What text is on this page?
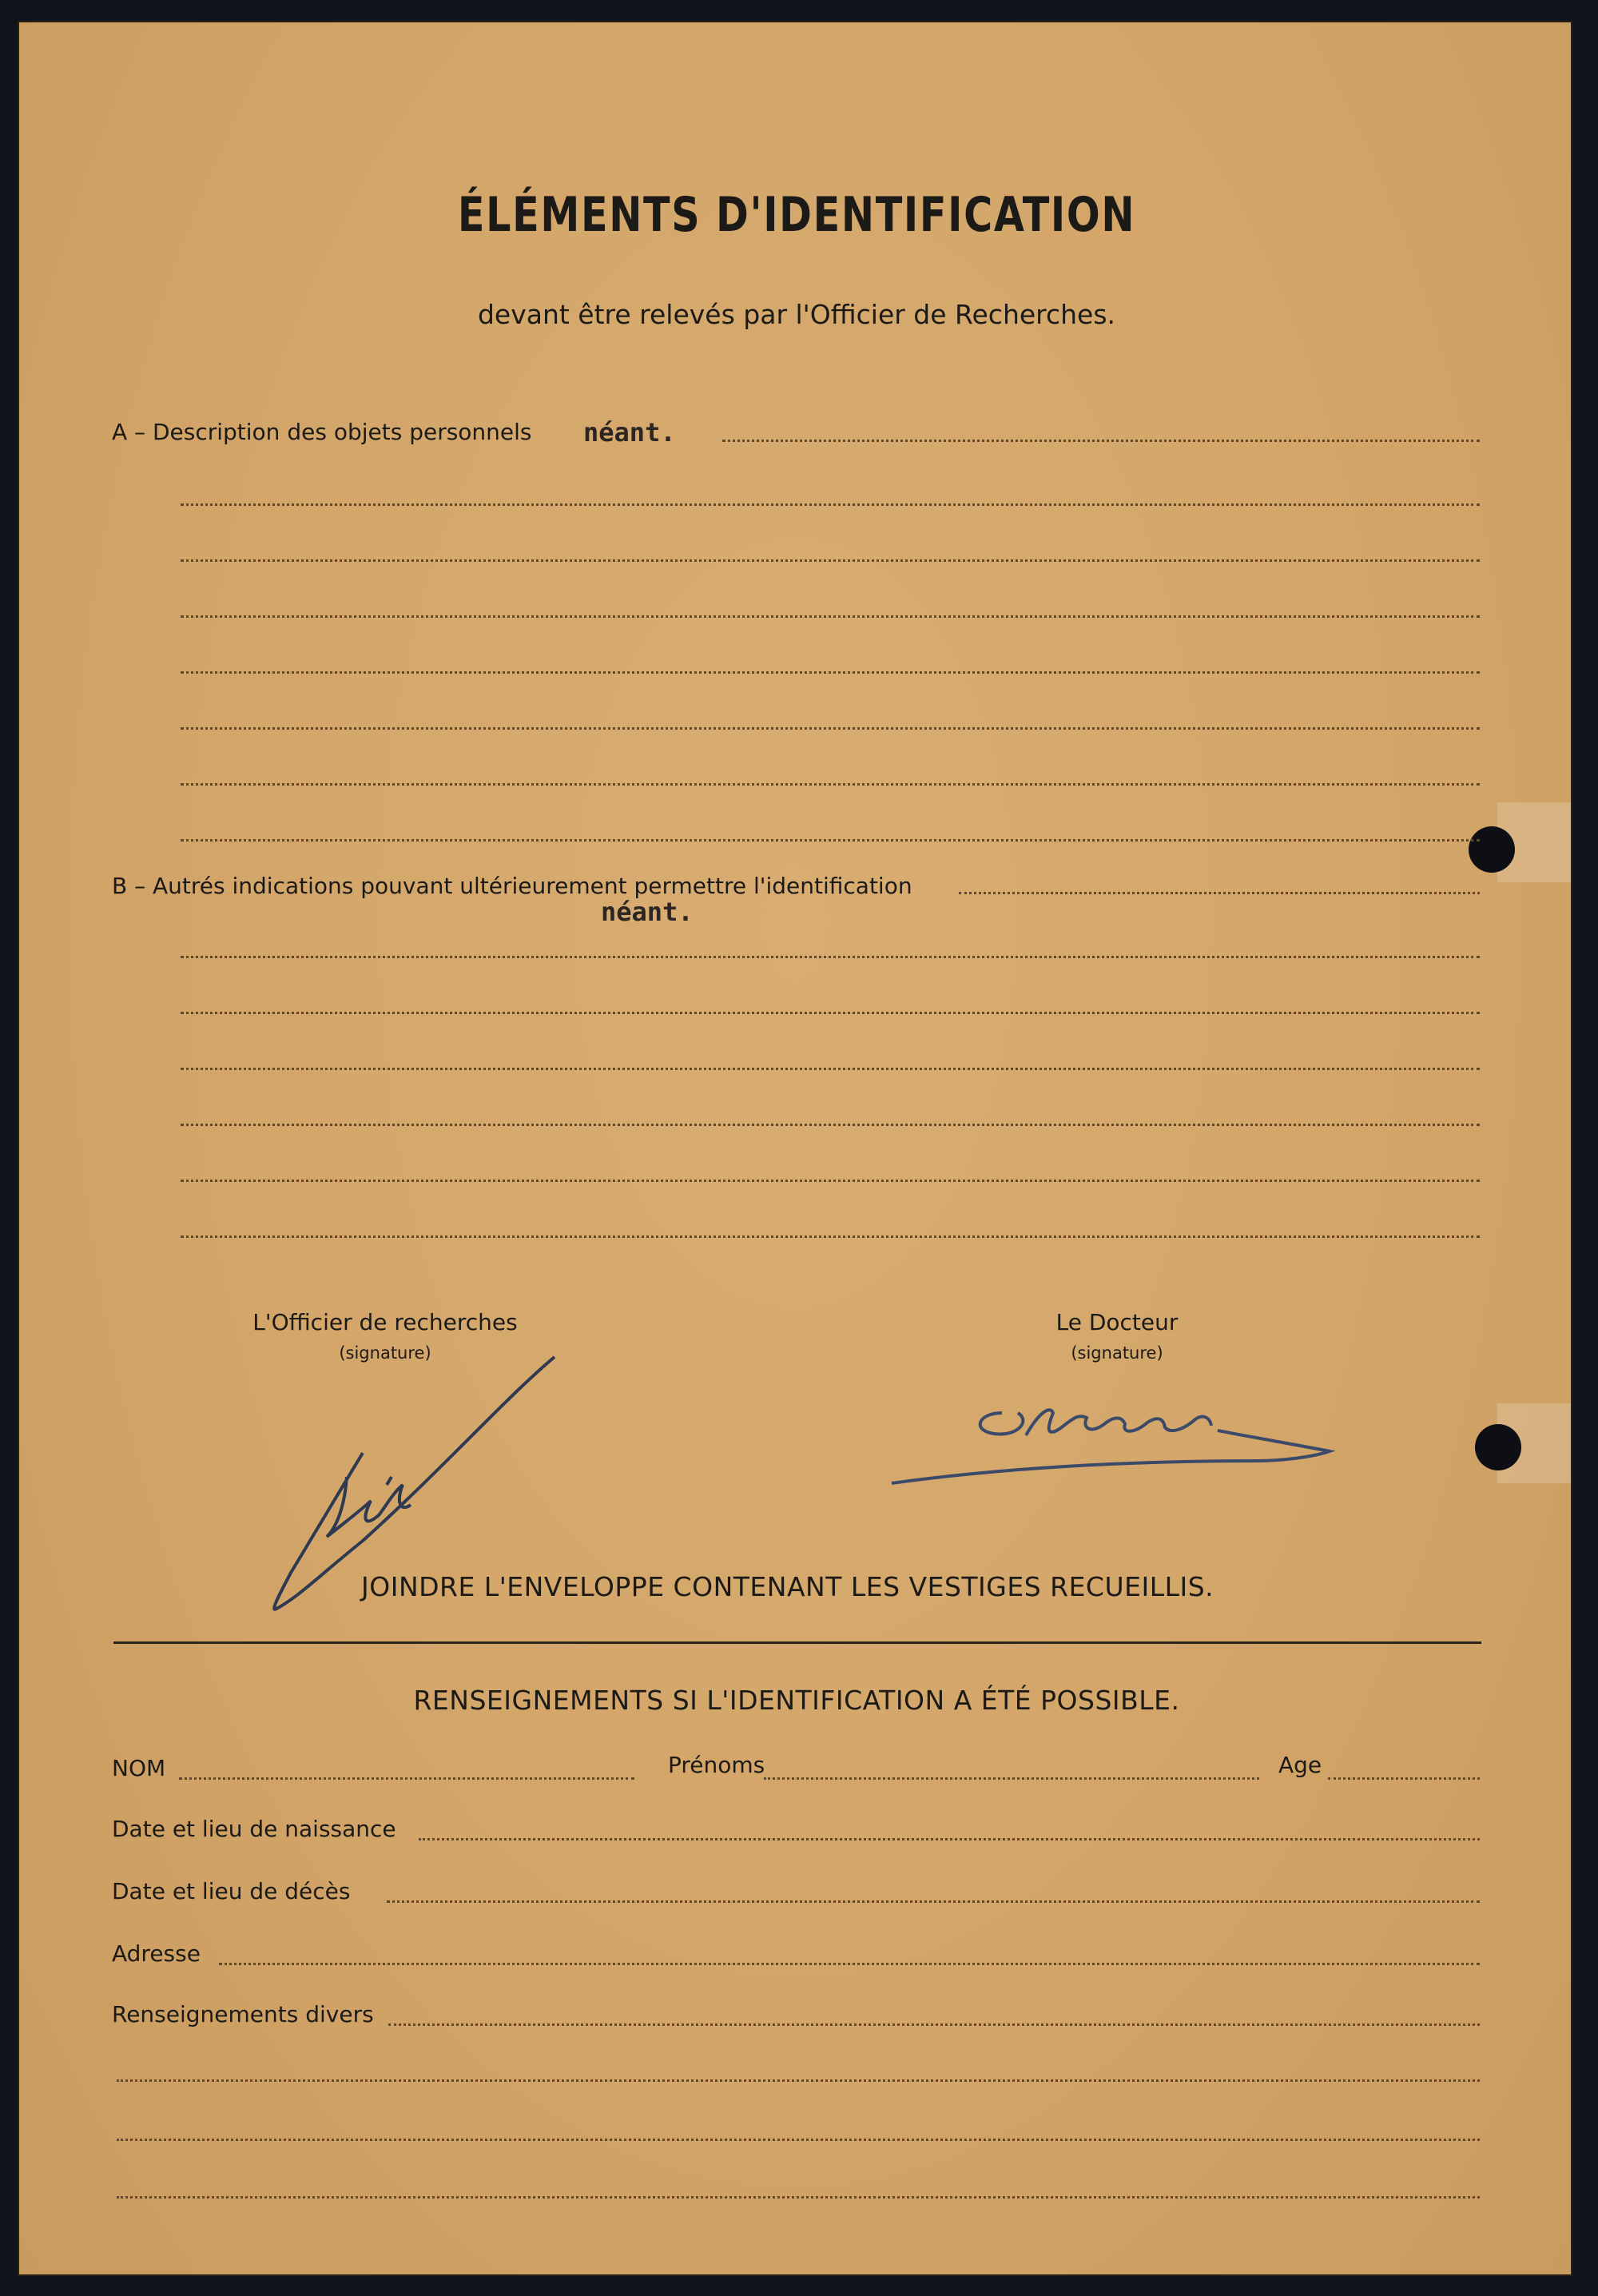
ÉLÉMENTS D'IDENTIFICATION
devant être relevés par l'Officier de Recherches.
A – Description des objets personnels néant.
B – Autrés indications pouvant ultérieurement permettre l'identification
néant.
L'Officier de recherches
(signature)
Le Docteur
(signature)
JOINDRE L'ENVELOPPE CONTENANT LES VESTIGES RECUEILLIS.
RENSEIGNEMENTS SI L'IDENTIFICATION A ÉTÉ POSSIBLE.
NOM	Prénoms	Age
Date et lieu de naissance
Date et lieu de décès
Adresse
Renseignements divers
